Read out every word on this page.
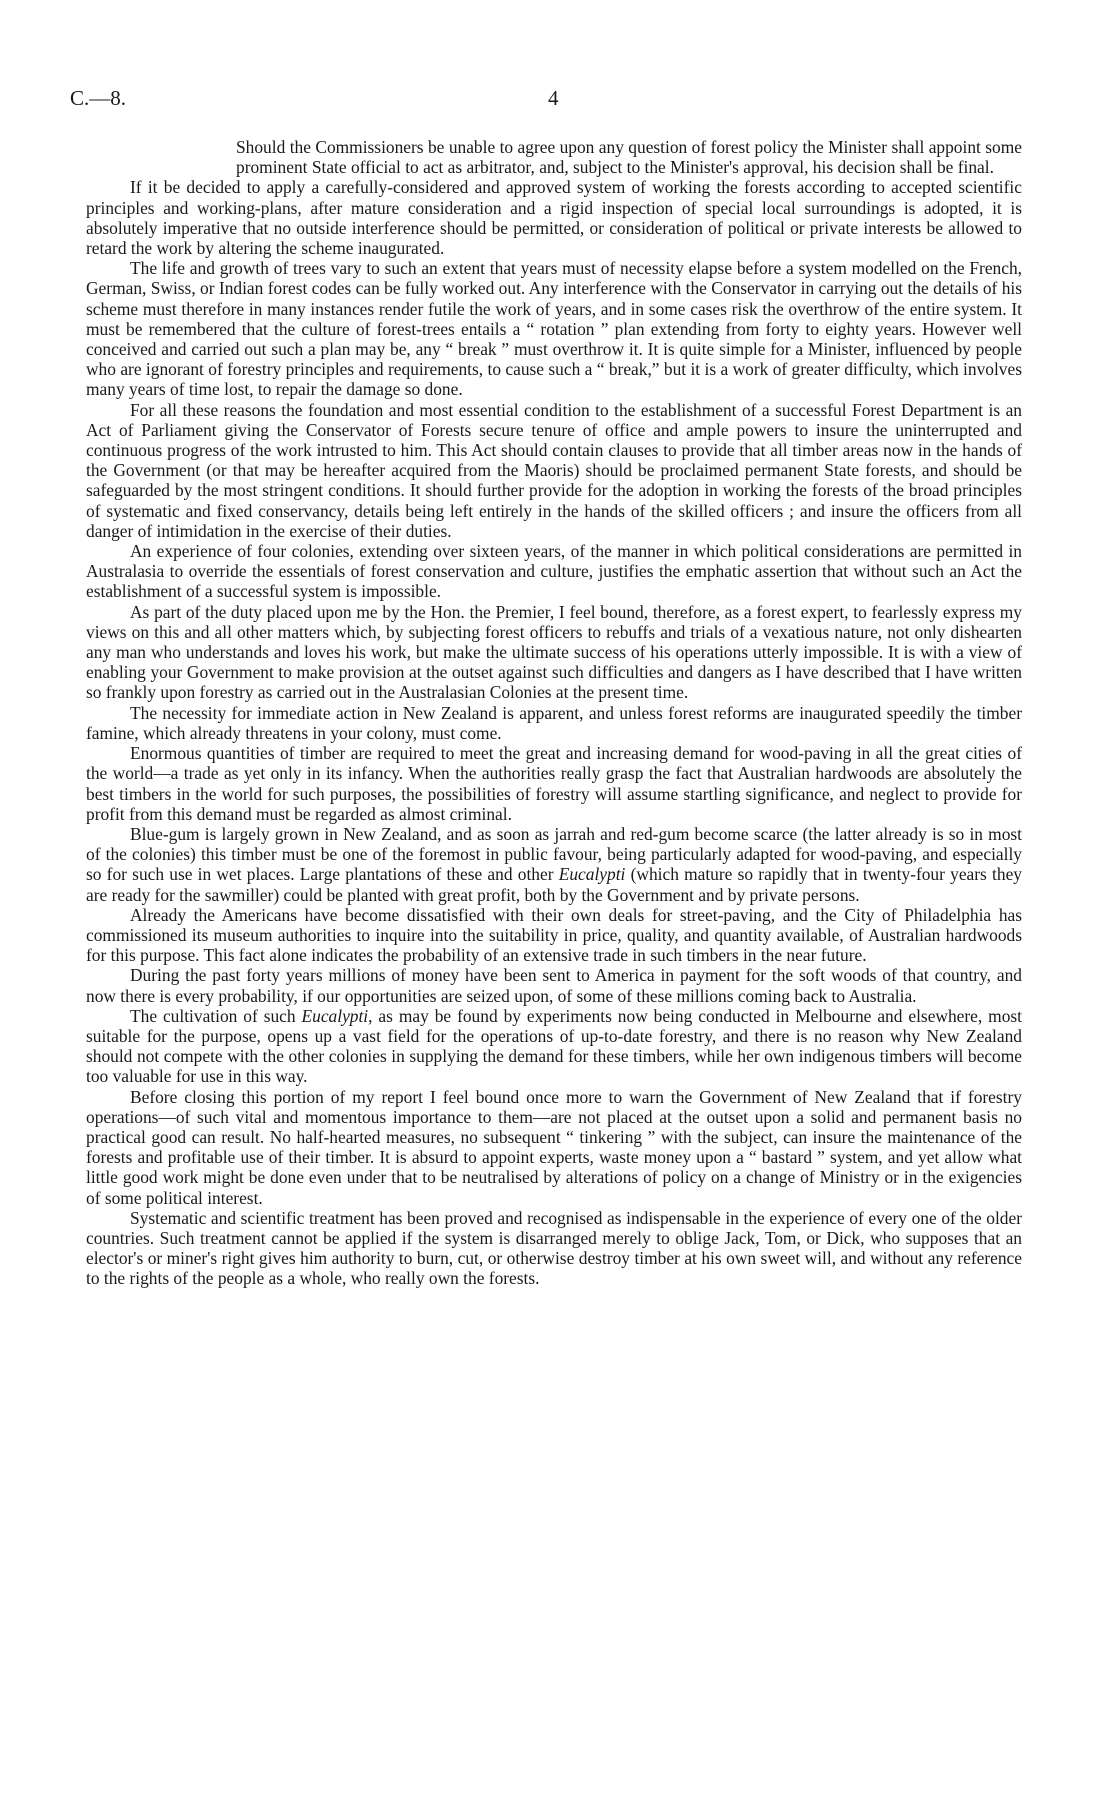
C.—8.	4

Should the Commissioners be unable to agree upon any question of forest policy the Minister shall appoint some prominent State official to act as arbitrator, and, subject to the Minister's approval, his decision shall be final.

If it be decided to apply a carefully-considered and approved system of working the forests according to accepted scientific principles and working-plans, after mature consideration and a rigid inspection of special local surroundings is adopted, it is absolutely imperative that no outside interference should be permitted, or consideration of political or private interests be allowed to retard the work by altering the scheme inaugurated.

The life and growth of trees vary to such an extent that years must of necessity elapse before a system modelled on the French, German, Swiss, or Indian forest codes can be fully worked out. Any interference with the Conservator in carrying out the details of his scheme must therefore in many instances render futile the work of years, and in some cases risk the overthrow of the entire system. It must be remembered that the culture of forest-trees entails a “ rotation ” plan extending from forty to eighty years. However well conceived and carried out such a plan may be, any “ break ” must overthrow it. It is quite simple for a Minister, influenced by people who are ignorant of forestry principles and requirements, to cause such a “ break,” but it is a work of greater difficulty, which involves many years of time lost, to repair the damage so done.

For all these reasons the foundation and most essential condition to the establishment of a successful Forest Department is an Act of Parliament giving the Conservator of Forests secure tenure of office and ample powers to insure the uninterrupted and continuous progress of the work intrusted to him. This Act should contain clauses to provide that all timber areas now in the hands of the Government (or that may be hereafter acquired from the Maoris) should be proclaimed permanent State forests, and should be safeguarded by the most stringent conditions. It should further provide for the adoption in working the forests of the broad principles of systematic and fixed conservancy, details being left entirely in the hands of the skilled officers ; and insure the officers from all danger of intimidation in the exercise of their duties.

An experience of four colonies, extending over sixteen years, of the manner in which political considerations are permitted in Australasia to override the essentials of forest conservation and culture, justifies the emphatic assertion that without such an Act the establishment of a successful system is impossible.

As part of the duty placed upon me by the Hon. the Premier, I feel bound, therefore, as a forest expert, to fearlessly express my views on this and all other matters which, by subjecting forest officers to rebuffs and trials of a vexatious nature, not only dishearten any man who understands and loves his work, but make the ultimate success of his operations utterly impossible. It is with a view of enabling your Government to make provision at the outset against such difficulties and dangers as I have described that I have written so frankly upon forestry as carried out in the Australasian Colonies at the present time.

The necessity for immediate action in New Zealand is apparent, and unless forest reforms are inaugurated speedily the timber famine, which already threatens in your colony, must come.

Enormous quantities of timber are required to meet the great and increasing demand for wood-paving in all the great cities of the world—a trade as yet only in its infancy. When the authorities really grasp the fact that Australian hardwoods are absolutely the best timbers in the world for such purposes, the possibilities of forestry will assume startling significance, and neglect to provide for profit from this demand must be regarded as almost criminal.

Blue-gum is largely grown in New Zealand, and as soon as jarrah and red-gum become scarce (the latter already is so in most of the colonies) this timber must be one of the foremost in public favour, being particularly adapted for wood-paving, and especially so for such use in wet places. Large plantations of these and other Eucalypti (which mature so rapidly that in twenty-four years they are ready for the sawmiller) could be planted with great profit, both by the Government and by private persons.

Already the Americans have become dissatisfied with their own deals for street-paving, and the City of Philadelphia has commissioned its museum authorities to inquire into the suitability in price, quality, and quantity available, of Australian hardwoods for this purpose. This fact alone indicates the probability of an extensive trade in such timbers in the near future.

During the past forty years millions of money have been sent to America in payment for the soft woods of that country, and now there is every probability, if our opportunities are seized upon, of some of these millions coming back to Australia.

The cultivation of such Eucalypti, as may be found by experiments now being conducted in Melbourne and elsewhere, most suitable for the purpose, opens up a vast field for the operations of up-to-date forestry, and there is no reason why New Zealand should not compete with the other colonies in supplying the demand for these timbers, while her own indigenous timbers will become too valuable for use in this way.

Before closing this portion of my report I feel bound once more to warn the Government of New Zealand that if forestry operations—of such vital and momentous importance to them—are not placed at the outset upon a solid and permanent basis no practical good can result. No half-hearted measures, no subsequent “ tinkering ” with the subject, can insure the maintenance of the forests and profitable use of their timber. It is absurd to appoint experts, waste money upon a “ bastard ” system, and yet allow what little good work might be done even under that to be neutralised by alterations of policy on a change of Ministry or in the exigencies of some political interest.

Systematic and scientific treatment has been proved and recognised as indispensable in the experience of every one of the older countries. Such treatment cannot be applied if the system is disarranged merely to oblige Jack, Tom, or Dick, who supposes that an elector's or miner's right gives him authority to burn, cut, or otherwise destroy timber at his own sweet will, and without any reference to the rights of the people as a whole, who really own the forests.
